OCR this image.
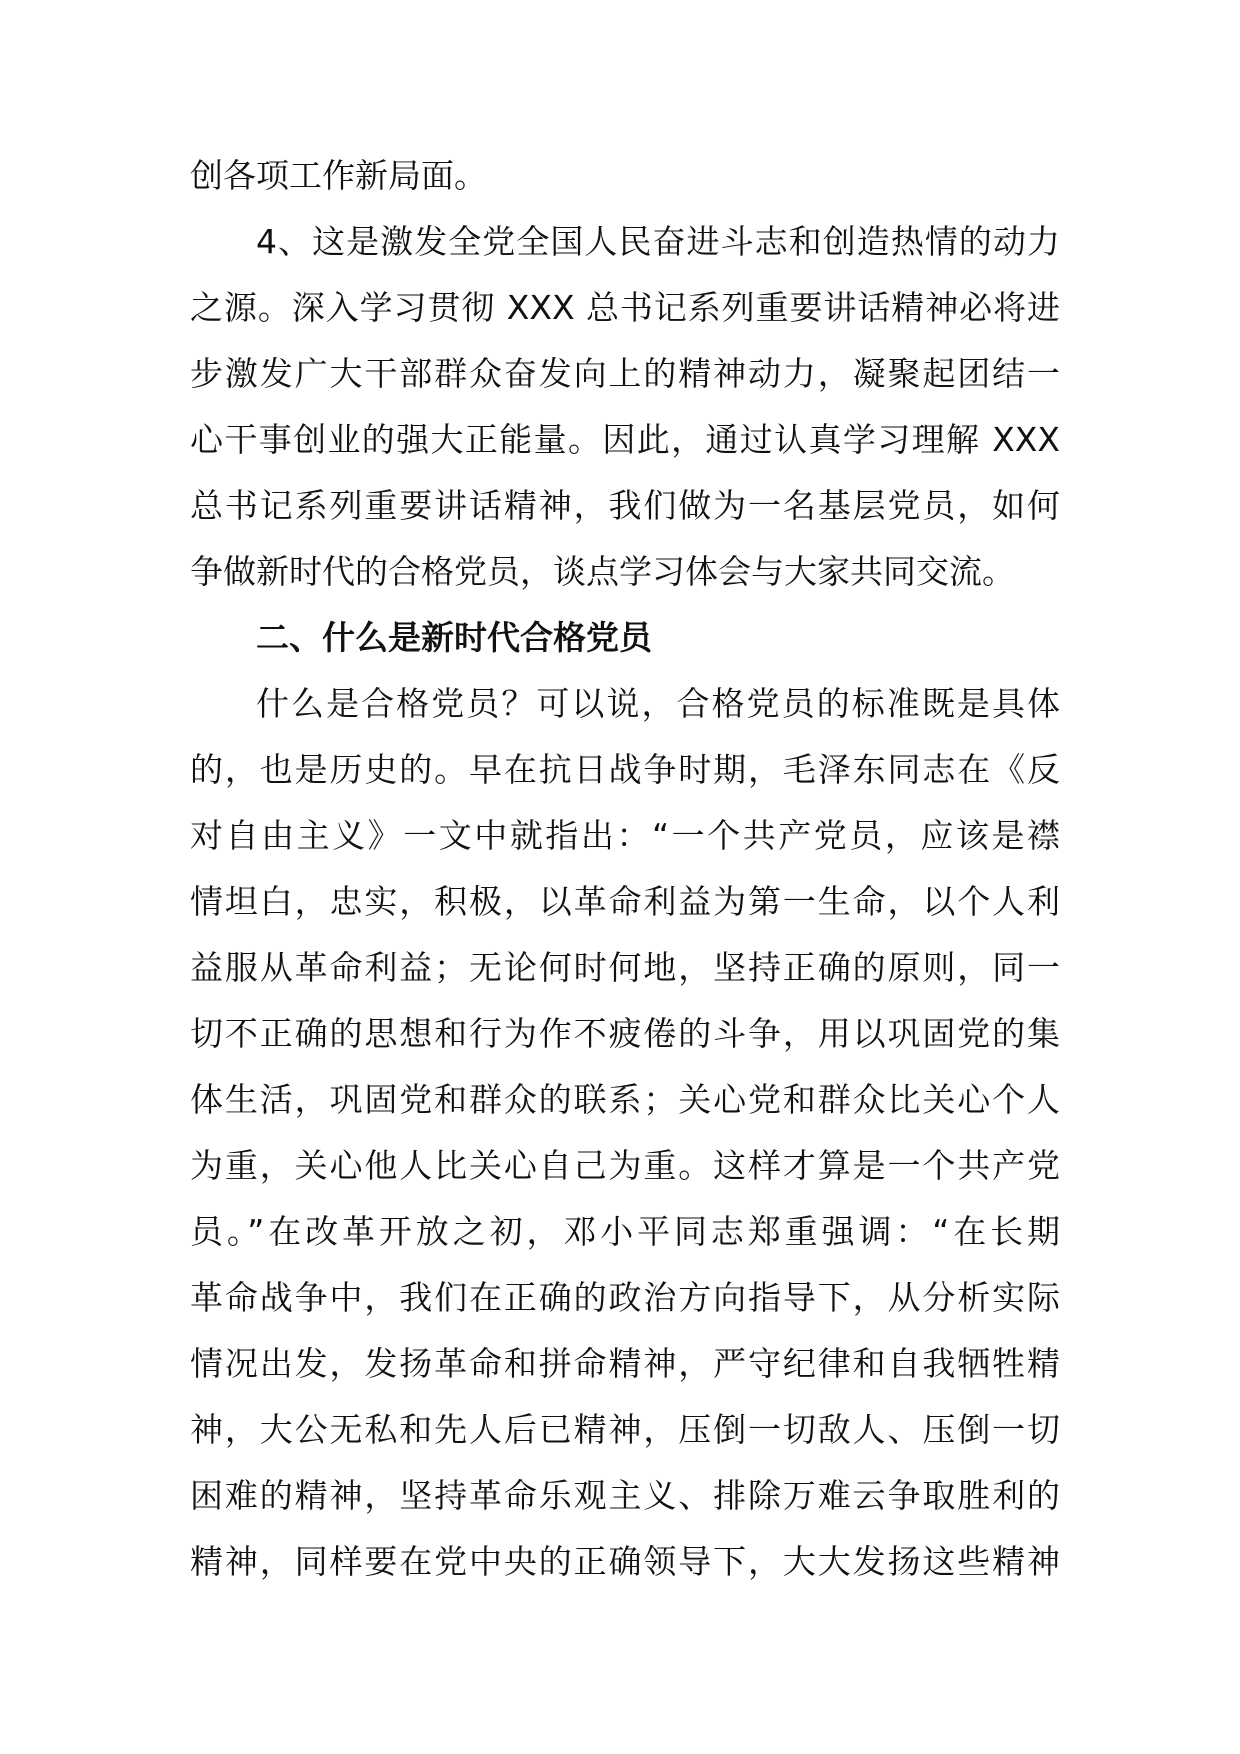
创各项工作新局面。
4、这是激发全党全国人民奋进斗志和创造热情的动力
之源。深入学习贯彻 XXX 总书记系列重要讲话精神必将进
步激发广大干部群众奋发向上的精神动力，凝聚起团结一
心干事创业的强大正能量。因此，通过认真学习理解 XXX
总书记系列重要讲话精神，我们做为一名基层党员，如何
争做新时代的合格党员，谈点学习体会与大家共同交流。
二、什么是新时代合格党员
什么是合格党员？可以说，合格党员的标准既是具体
的，也是历史的。早在抗日战争时期，毛泽东同志在《反
对自由主义》一文中就指出：“一个共产党员，应该是襟
情坦白，忠实，积极，以革命利益为第一生命，以个人利
益服从革命利益；无论何时何地，坚持正确的原则，同一
切不正确的思想和行为作不疲倦的斗争，用以巩固党的集
体生活，巩固党和群众的联系；关心党和群众比关心个人
为重，关心他人比关心自己为重。这样才算是一个共产党
员。”在改革开放之初，邓小平同志郑重强调：“在长期
革命战争中，我们在正确的政治方向指导下，从分析实际
情况出发，发扬革命和拼命精神，严守纪律和自我牺牲精
神，大公无私和先人后已精神，压倒一切敌人、压倒一切
困难的精神，坚持革命乐观主义、排除万难云争取胜利的
精神，同样要在党中央的正确领导下，大大发扬这些精神
